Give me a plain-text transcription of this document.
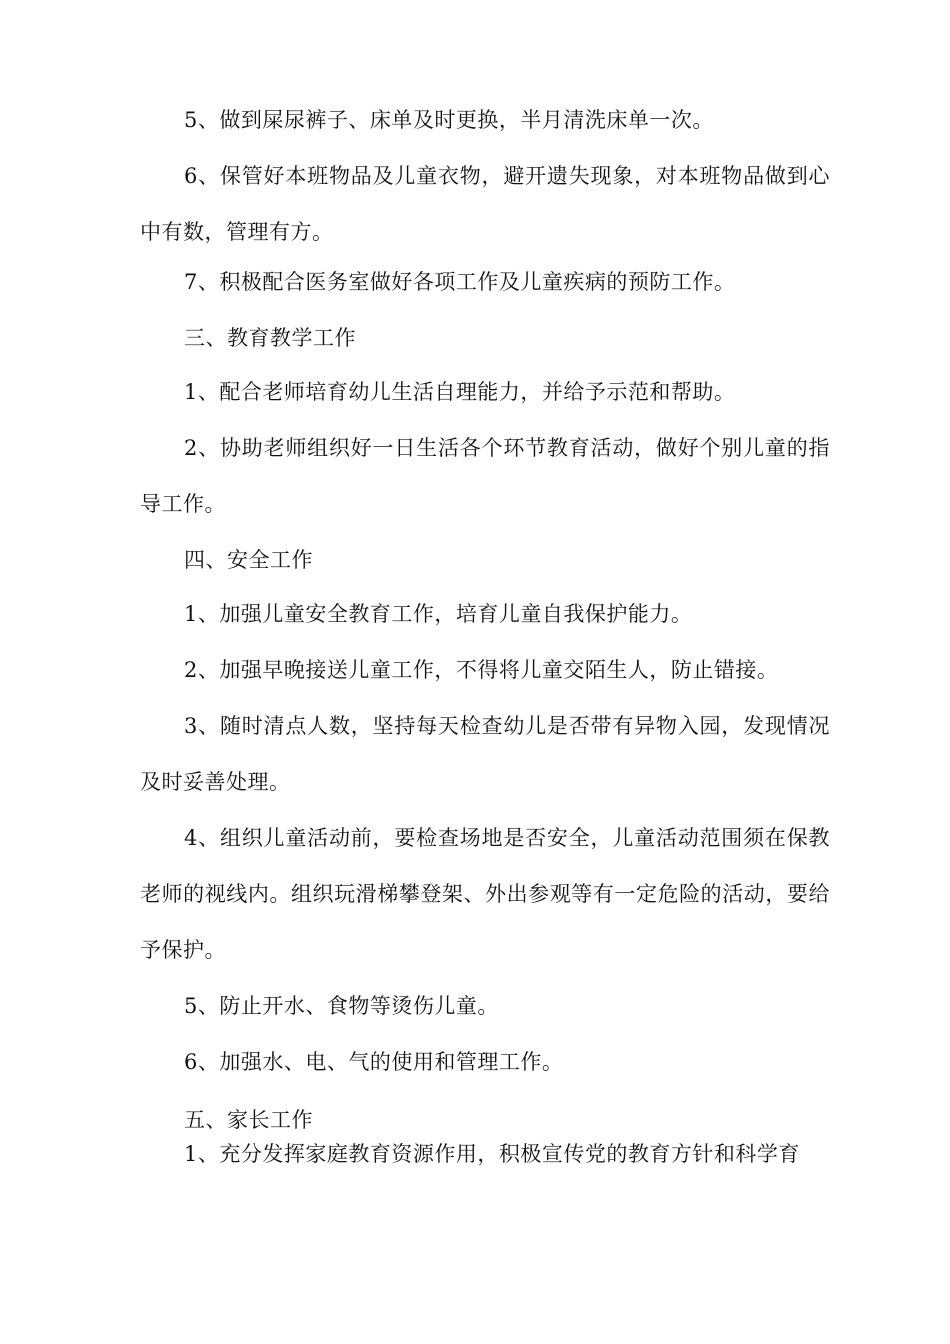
5、做到屎尿裤子、床单及时更换，半月清洗床单一次。

6、保管好本班物品及儿童衣物，避开遗失现象，对本班物品做到心中有数，管理有方。

7、积极配合医务室做好各项工作及儿童疾病的预防工作。

三、教育教学工作

1、配合老师培育幼儿生活自理能力，并给予示范和帮助。

2、协助老师组织好一日生活各个环节教育活动，做好个别儿童的指导工作。

四、安全工作

1、加强儿童安全教育工作，培育儿童自我保护能力。

2、加强早晚接送儿童工作，不得将儿童交陌生人，防止错接。

3、随时清点人数，坚持每天检查幼儿是否带有异物入园，发现情况及时妥善处理。

4、组织儿童活动前，要检查场地是否安全，儿童活动范围须在保教老师的视线内。组织玩滑梯攀登架、外出参观等有一定危险的活动，要给予保护。

5、防止开水、食物等烫伤儿童。

6、加强水、电、气的使用和管理工作。

五、家长工作

1、充分发挥家庭教育资源作用，积极宣传党的教育方针和科学育
